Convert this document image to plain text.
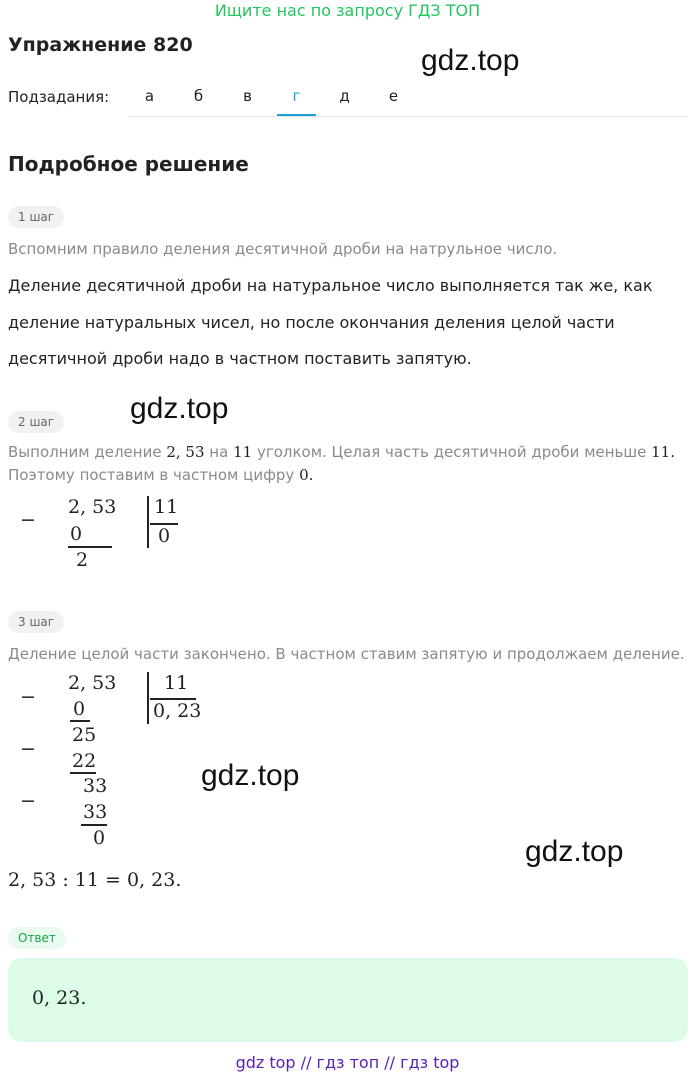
Ищите нас по запросу ГДЗ ТОП
Упражнение 820	gdz.top
Подзадания:	а	б	в	г	д	е
Подробное решение
1 шаг
Вспомним правило деления десятичной дроби на натрульное число.
Деление десятичной дроби на натуральное число выполняется так же, как
деление натуральных чисел, но после окончания деления целой части
десятичной дроби надо в частном поставить запятую.
2 шаг	gdz.top
Выполним деление 2, 53 на 11 уголком. Целая часть десятичной дроби меньше 11.
Поэтому поставим в частном цифру 0.
−
2, 53 11
0
0
2
3 шаг
Деление целой части закончено. В частном ставим запятую и продолжаем деление.
−
2, 53	11
0, 23
0
25
−
22
33
− 33
0
gdz.top
gdz.top
2, 53 : 11 = 0, 23.
Ответ
0, 23.
gdz top // гдз топ // гдз top
